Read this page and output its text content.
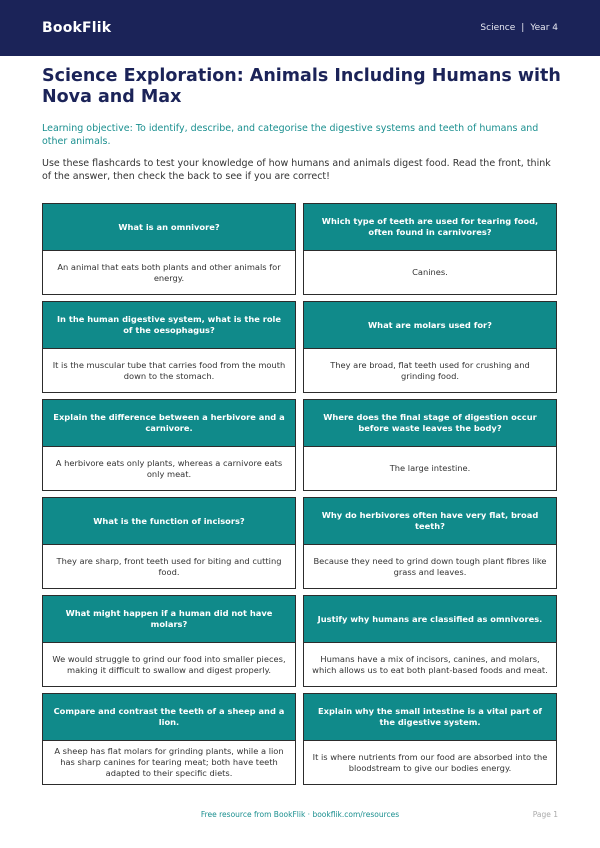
BookFlik	Science | Year 4
Science Exploration: Animals Including Humans with Nova and Max

Learning objective: To identify, describe, and categorise the digestive systems and teeth of humans and other animals.

Use these flashcards to test your knowledge of how humans and animals digest food. Read the front, think of the answer, then check the back to see if you are correct!

What is an omnivore?
An animal that eats both plants and other animals for energy.
Which type of teeth are used for tearing food, often found in carnivores?
Canines.
In the human digestive system, what is the role of the oesophagus?
It is the muscular tube that carries food from the mouth down to the stomach.
What are molars used for?
They are broad, flat teeth used for crushing and grinding food.
Explain the difference between a herbivore and a carnivore.
A herbivore eats only plants, whereas a carnivore eats only meat.
Where does the final stage of digestion occur before waste leaves the body?
The large intestine.
What is the function of incisors?
They are sharp, front teeth used for biting and cutting food.
Why do herbivores often have very flat, broad teeth?
Because they need to grind down tough plant fibres like grass and leaves.
What might happen if a human did not have molars?
We would struggle to grind our food into smaller pieces, making it difficult to swallow and digest properly.
Justify why humans are classified as omnivores.
Humans have a mix of incisors, canines, and molars, which allows us to eat both plant-based foods and meat.
Compare and contrast the teeth of a sheep and a lion.
A sheep has flat molars for grinding plants, while a lion has sharp canines for tearing meat; both have teeth adapted to their specific diets.
Explain why the small intestine is a vital part of the digestive system.
It is where nutrients from our food are absorbed into the bloodstream to give our bodies energy.
Free resource from BookFlik · bookflik.com/resources	Page 1
